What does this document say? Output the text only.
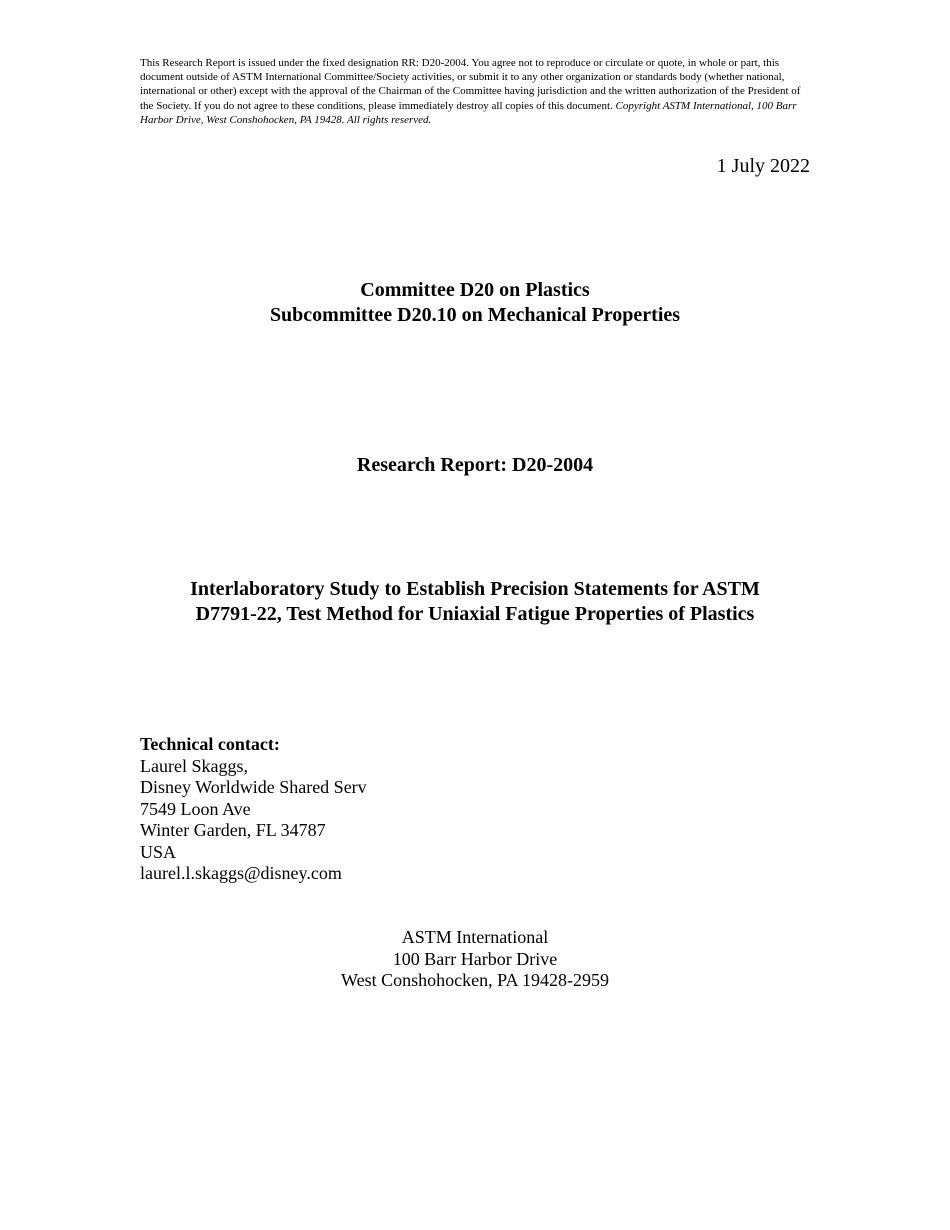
This Research Report is issued under the fixed designation RR: D20-2004. You agree not to reproduce or circulate or quote, in whole or part, this document outside of ASTM International Committee/Society activities, or submit it to any other organization or standards body (whether national, international or other) except with the approval of the Chairman of the Committee having jurisdiction and the written authorization of the President of the Society. If you do not agree to these conditions, please immediately destroy all copies of this document. Copyright ASTM International, 100 Barr Harbor Drive, West Conshohocken, PA 19428. All rights reserved.
1 July 2022
Committee D20 on Plastics
Subcommittee D20.10 on Mechanical Properties
Research Report: D20-2004
Interlaboratory Study to Establish Precision Statements for ASTM
D7791-22, Test Method for Uniaxial Fatigue Properties of Plastics
Technical contact:
Laurel Skaggs,
Disney Worldwide Shared Serv
7549 Loon Ave
Winter Garden, FL 34787
USA
laurel.l.skaggs@disney.com
ASTM International
100 Barr Harbor Drive
West Conshohocken, PA 19428-2959
